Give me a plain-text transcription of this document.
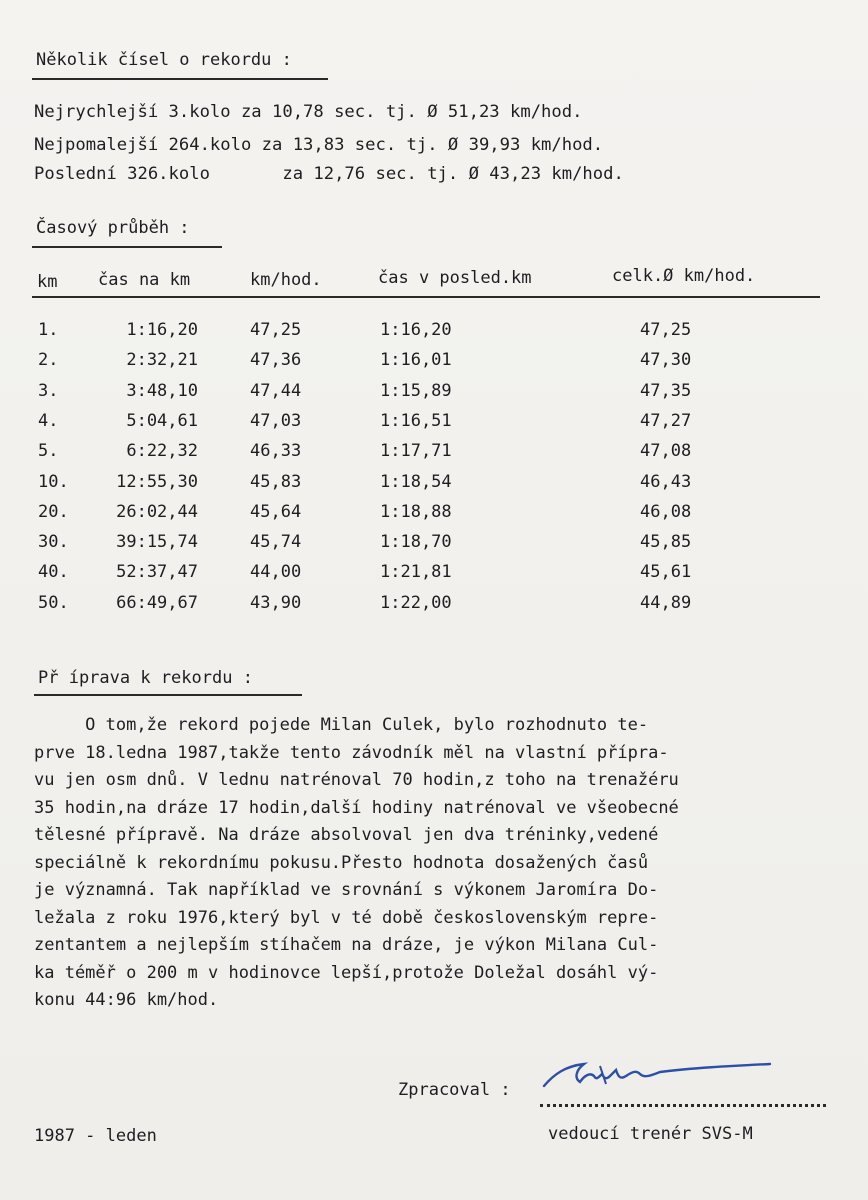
Několik čísel o rekordu :
Nejrychlejší 3.kolo za 10,78 sec. tj. Ø 51,23 km/hod.
Nejpomalejší 264.kolo za 13,83 sec. tj. Ø 39,93 km/hod.
Poslední 326.kolo       za 12,76 sec. tj. Ø 43,23 km/hod.
Časový průběh :
km čas na km	km/hod.	čas v posled.km	celk.Ø km/hod.
1.	1:16,20	47,25	1:16,20	47,25
2.	2:32,21	47,36	1:16,01	47,30
3.	3:48,10	47,44	1:15,89	47,35
4.	5:04,61	47,03	1:16,51	47,27
5.	6:22,32	46,33	1:17,71	47,08
10.	12:55,30	45,83	1:18,54	46,43
20.	26:02,44	45,64	1:18,88	46,08
30.	39:15,74	45,74	1:18,70	45,85
40.	52:37,47	44,00	1:21,81	45,61
50.	66:49,67	43,90	1:22,00	44,89
Př íprava k rekordu :
O tom,že rekord pojede Milan Culek, bylo rozhodnuto te-
prve 18.ledna 1987,takže tento závodník měl na vlastní přípra-
vu jen osm dnů. V lednu natrénoval 70 hodin,z toho na trenažéru
35 hodin,na dráze 17 hodin,další hodiny natrénoval ve všeobecné
tělesné přípravě. Na dráze absolvoval jen dva tréninky,vedené
speciálně k rekordnímu pokusu.Přesto hodnota dosažených časů
je významná. Tak například ve srovnání s výkonem Jaromíra Do-
ležala z roku 1976,který byl v té době československým repre-
zentantem a nejlepším stíhačem na dráze, je výkon Milana Cul-
ka téměř o 200 m v hodinovce lepší,protože Doležal dosáhl vý-
konu 44:96 km/hod.
Zpracoval :
1987 - leden	vedoucí trenér SVS-M
